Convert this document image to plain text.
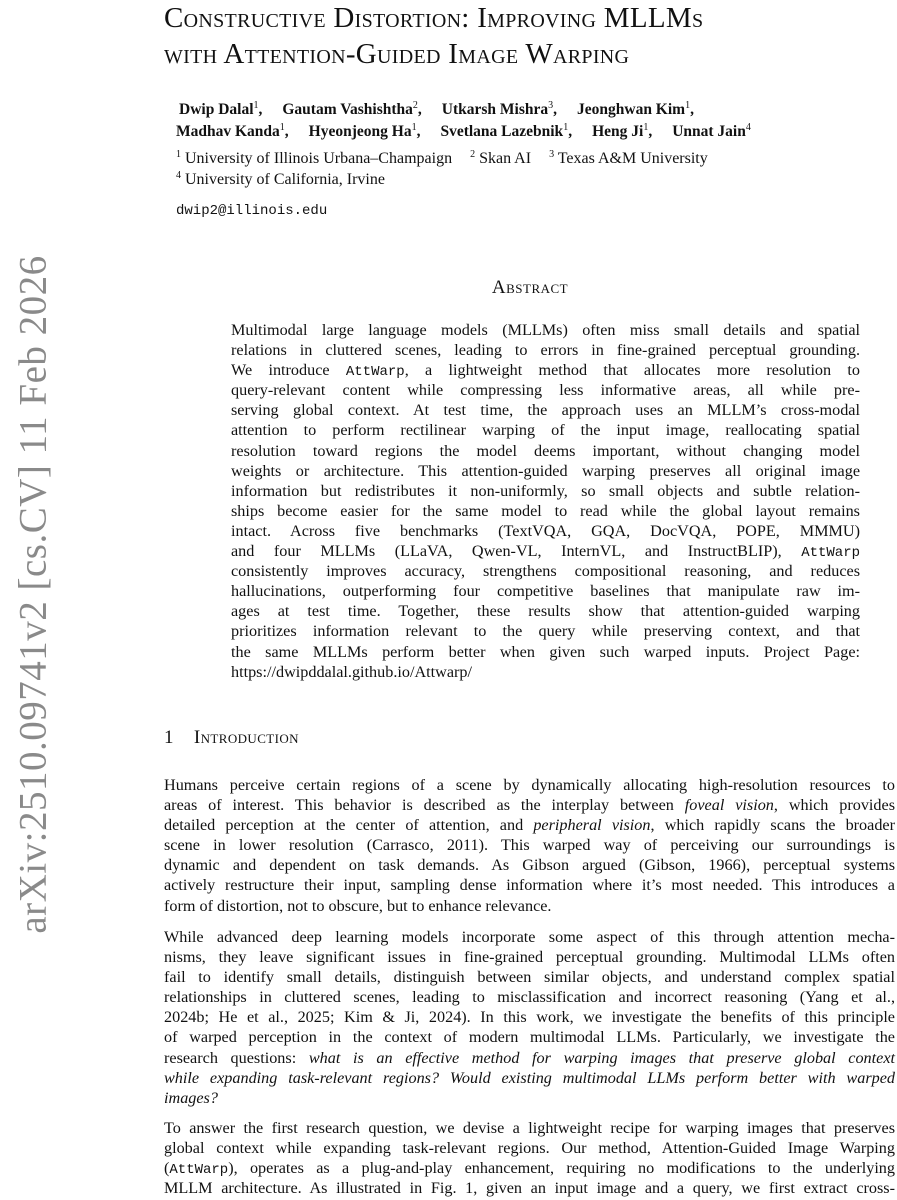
arXiv:2510.09741v2 [cs.CV] 11 Feb 2026
Constructive Distortion: Improving MLLMs
with Attention-Guided Image Warping
Dwip Dalal$^1$, Gautam Vashishtha$^2$, Utkarsh Mishra$^3$, Jeonghwan Kim$^1$,
Madhav Kanda$^1$, Hyeonjeong Ha$^1$, Svetlana Lazebnik$^1$, Heng Ji$^1$, Unnat Jain$^4$
$^1$ University of Illinois Urbana–Champaign $^2$ Skan AI $^3$ Texas A&M University
$^4$ University of California, Irvine
dwip2@illinois.edu
Abstract
Multimodal large language models (MLLMs) often miss small details and spatial
relations in cluttered scenes, leading to errors in fine-grained perceptual grounding.
We introduce AttWarp, a lightweight method that allocates more resolution to
query-relevant content while compressing less informative areas, all while pre-
serving global context. At test time, the approach uses an MLLM’s cross-modal
attention to perform rectilinear warping of the input image, reallocating spatial
resolution toward regions the model deems important, without changing model
weights or architecture. This attention-guided warping preserves all original image
information but redistributes it non-uniformly, so small objects and subtle relation-
ships become easier for the same model to read while the global layout remains
intact. Across five benchmarks (TextVQA, GQA, DocVQA, POPE, MMMU)
and four MLLMs (LLaVA, Qwen-VL, InternVL, and InstructBLIP), AttWarp
consistently improves accuracy, strengthens compositional reasoning, and reduces
hallucinations, outperforming four competitive baselines that manipulate raw im-
ages at test time. Together, these results show that attention-guided warping
prioritizes information relevant to the query while preserving context, and that
the same MLLMs perform better when given such warped inputs. Project Page:
https://dwipddalal.github.io/Attwarp/
1 Introduction
Humans perceive certain regions of a scene by dynamically allocating high-resolution resources to
areas of interest. This behavior is described as the interplay between foveal vision, which provides
detailed perception at the center of attention, and peripheral vision, which rapidly scans the broader
scene in lower resolution (Carrasco, 2011). This warped way of perceiving our surroundings is
dynamic and dependent on task demands. As Gibson argued (Gibson, 1966), perceptual systems
actively restructure their input, sampling dense information where it’s most needed. This introduces a
form of distortion, not to obscure, but to enhance relevance.
While advanced deep learning models incorporate some aspect of this through attention mecha-
nisms, they leave significant issues in fine-grained perceptual grounding. Multimodal LLMs often
fail to identify small details, distinguish between similar objects, and understand complex spatial
relationships in cluttered scenes, leading to misclassification and incorrect reasoning (Yang et al.,
2024b; He et al., 2025; Kim & Ji, 2024). In this work, we investigate the benefits of this principle
of warped perception in the context of modern multimodal LLMs. Particularly, we investigate the
research questions: what is an effective method for warping images that preserve global context
while expanding task-relevant regions? Would existing multimodal LLMs perform better with warped
images?
To answer the first research question, we devise a lightweight recipe for warping images that preserves
global context while expanding task-relevant regions. Our method, Attention-Guided Image Warping
(AttWarp), operates as a plug-and-play enhancement, requiring no modifications to the underlying
MLLM architecture. As illustrated in Fig. 1, given an input image and a query, we first extract cross-
